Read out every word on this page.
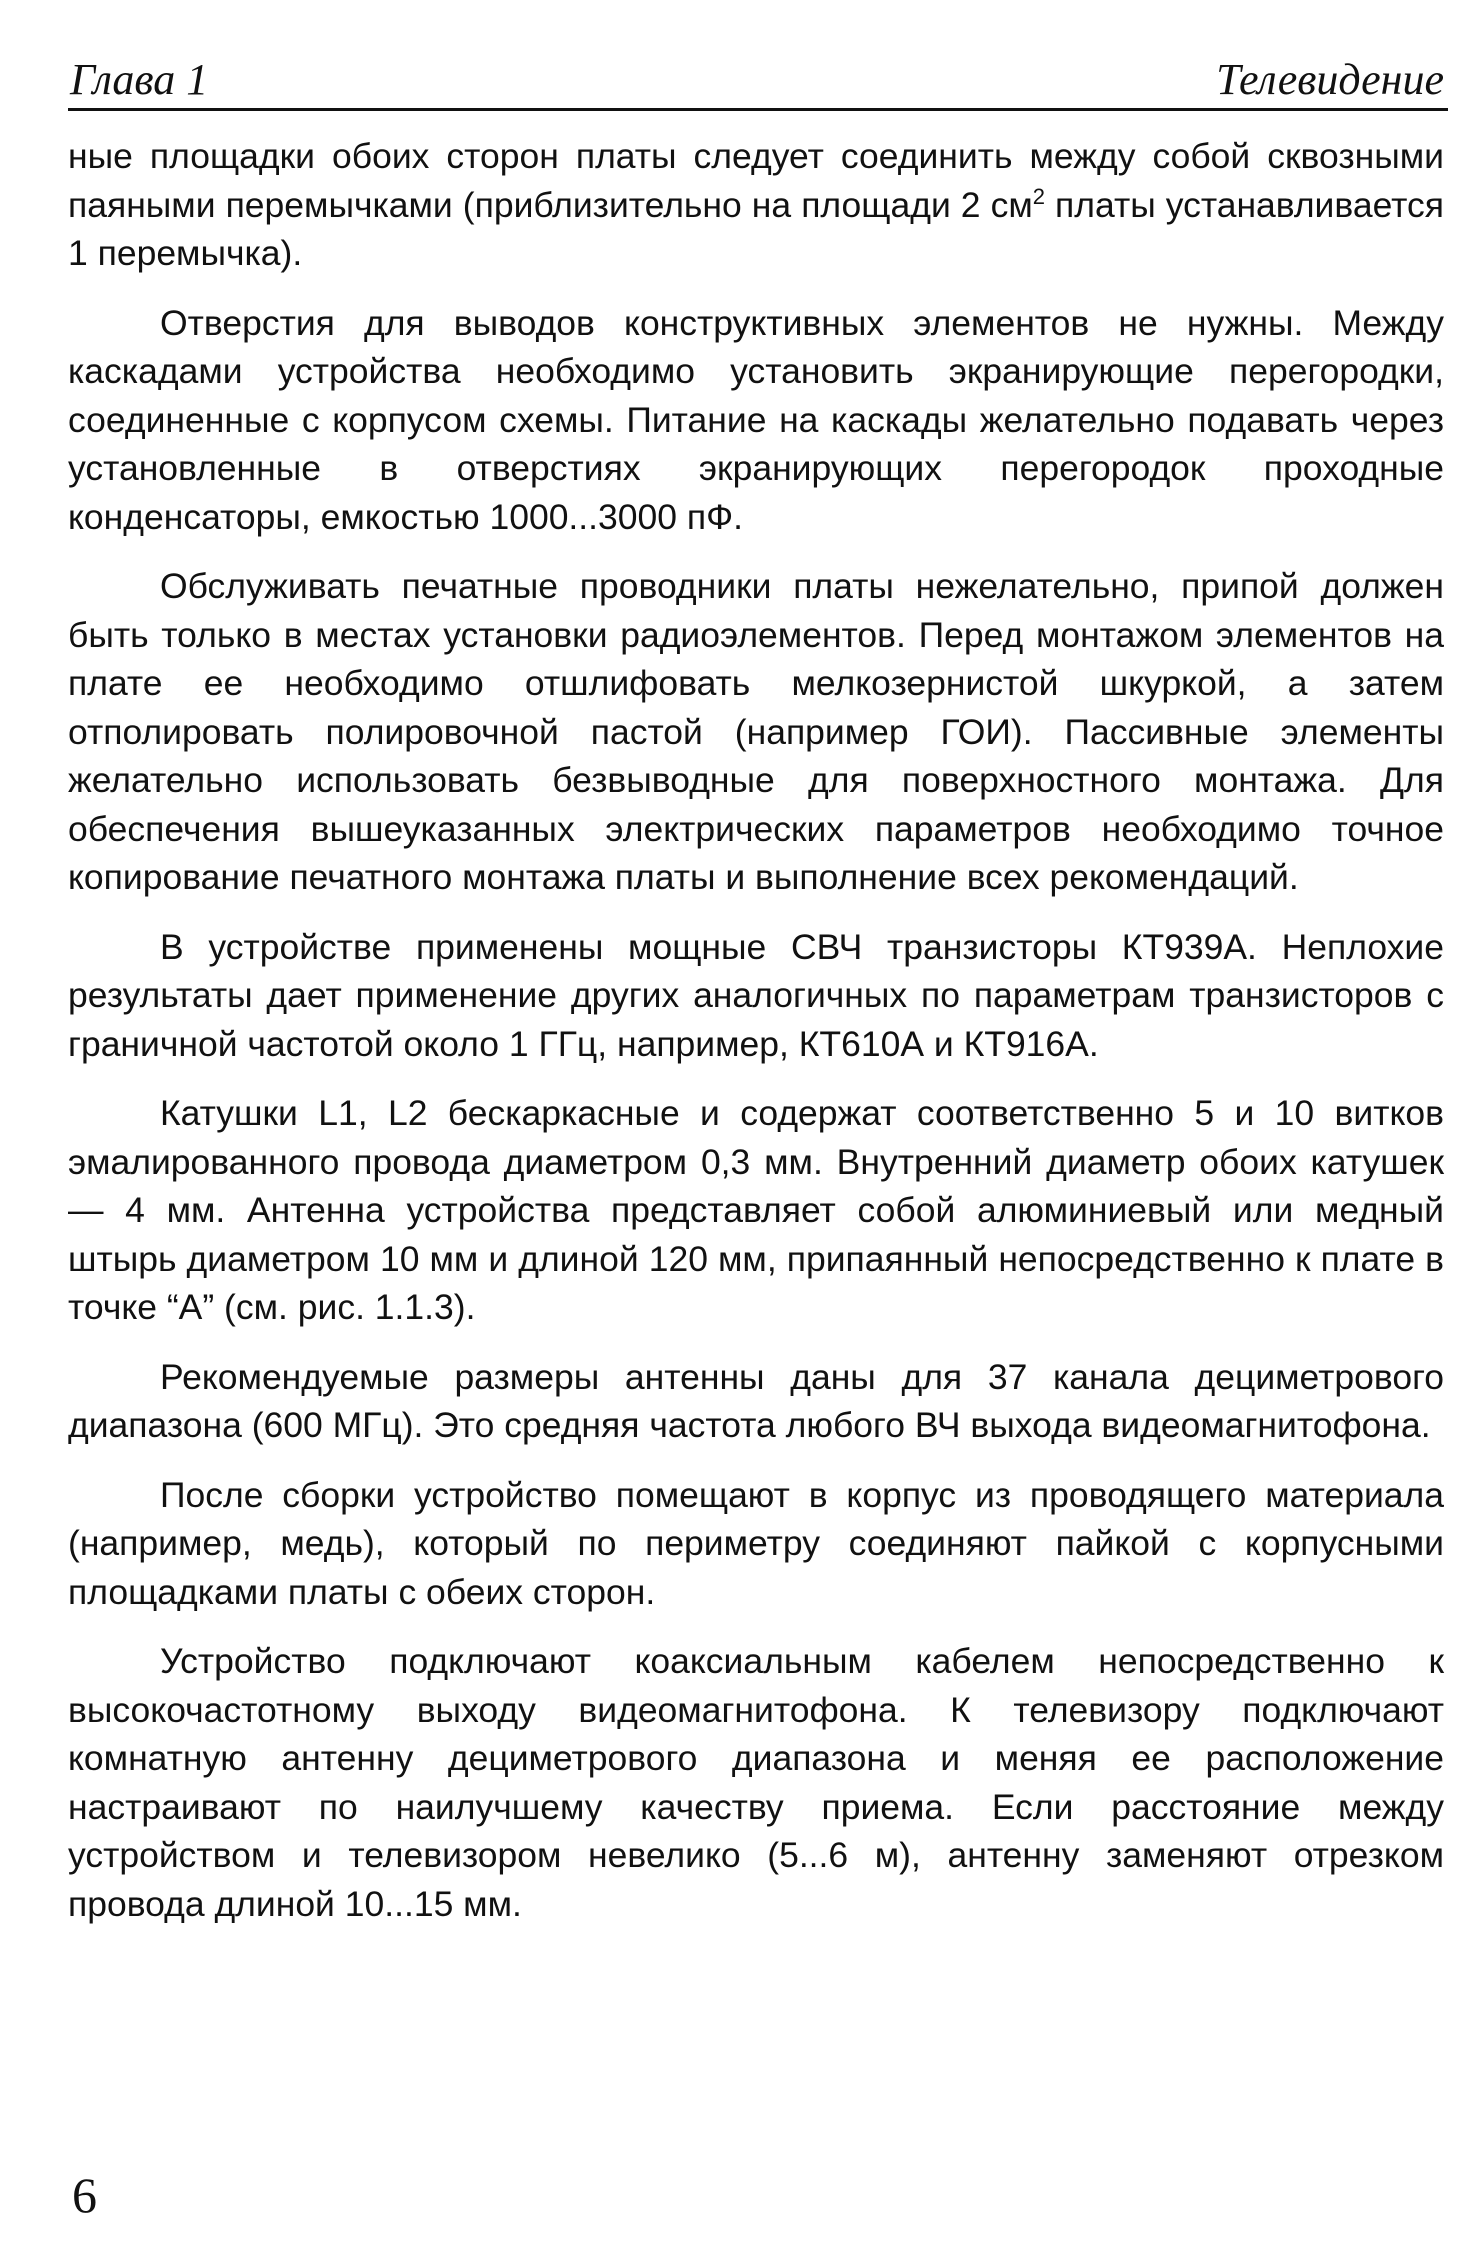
Глава 1	Телевидение

ные площадки обоих сторон платы следует соединить между собой сквозными паяными перемычками (приблизительно на площади 2 $см^2$ платы устанавливается 1 перемычка).

Отверстия для выводов конструктивных элементов не нужны. Между каскадами устройства необходимо установить экранирующие перегородки, соединенные с корпусом схемы. Питание на каскады желательно подавать через установленные в отверстиях экранирующих перегородок проходные конденсаторы, емкостью 1000...3000 пФ.

Обслуживать печатные проводники платы нежелательно, припой должен быть только в местах установки радиоэлементов. Перед монтажом элементов на плате ее необходимо отшлифовать мелкозернистой шкуркой, а затем отполировать полировочной пастой (например ГОИ). Пассивные элементы желательно использовать безвыводные для поверхностного монтажа. Для обеспечения вышеуказанных электрических параметров необходимо точное копирование печатного монтажа платы и выполнение всех рекомендаций.

В устройстве применены мощные СВЧ транзисторы КТ939А. Неплохие результаты дает применение других аналогичных по параметрам транзисторов с граничной частотой около 1 ГГц, например, КТ610А и КТ916А.

Катушки L1, L2 бескаркасные и содержат соответственно 5 и 10 витков эмалированного провода диаметром 0,3 мм. Внутренний диаметр обоих катушек — 4 мм. Антенна устройства представляет собой алюминиевый или медный штырь диаметром 10 мм и длиной 120 мм, припаянный непосредственно к плате в точке “А” (см. рис. 1.1.3).

Рекомендуемые размеры антенны даны для 37 канала дециметрового диапазона (600 МГц). Это средняя частота любого ВЧ выхода видеомагнитофона.

После сборки устройство помещают в корпус из проводящего материала (например, медь), который по периметру соединяют пайкой с корпусными площадками платы с обеих сторон.

Устройство подключают коаксиальным кабелем непосредственно к высокочастотному выходу видеомагнитофона. К телевизору подключают комнатную антенну дециметрового диапазона и меняя ее расположение настраивают по наилучшему качеству приема. Если расстояние между устройством и телевизором невелико (5...6 м), антенну заменяют отрезком провода длиной 10...15 мм.

6
